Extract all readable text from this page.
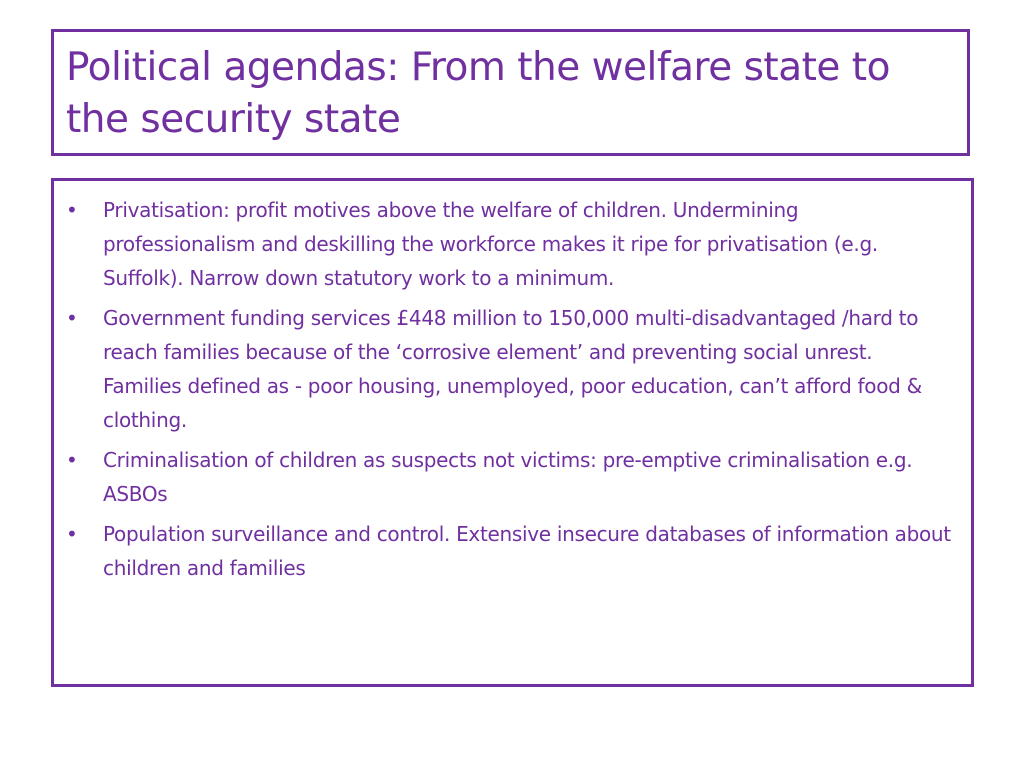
Political agendas: From the welfare state to the security state
• Privatisation: profit motives above the welfare of children. Undermining professionalism and deskilling the workforce makes it ripe for privatisation (e.g. Suffolk). Narrow down statutory work to a minimum.
• Government funding services £448 million to 150,000 multi-disadvantaged /hard to reach families because of the ‘corrosive element’ and preventing social unrest. Families defined as - poor housing, unemployed, poor education, can’t afford food & clothing.
• Criminalisation of children as suspects not victims: pre-emptive criminalisation e.g. ASBOs
• Population surveillance and control. Extensive insecure databases of information about children and families
